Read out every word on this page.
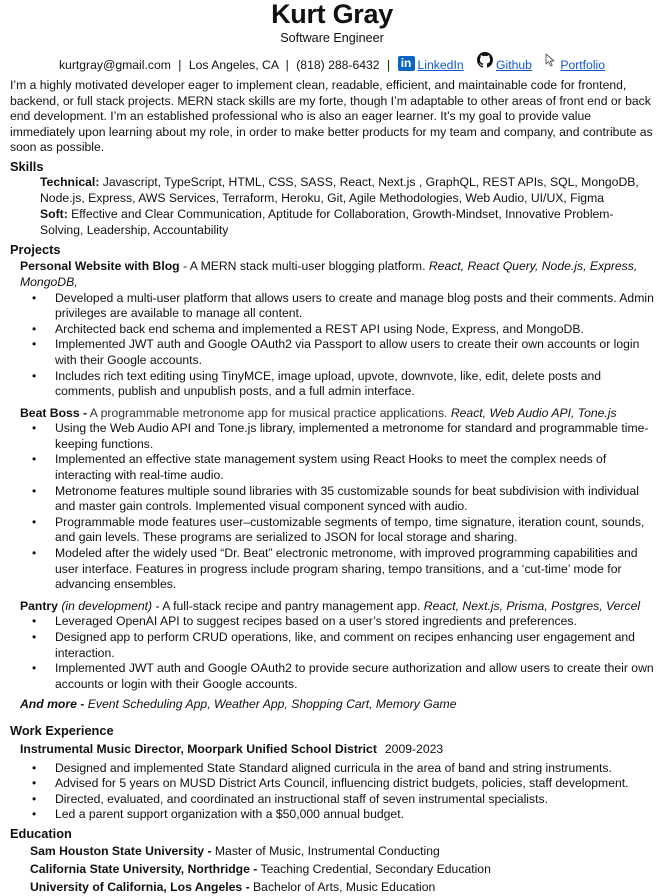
Kurt Gray
Software Engineer
kurtgray@gmail.com | Los Angeles, CA | (818) 288-6432 | in LinkedIn	Github Portfolio
I’m a highly motivated developer eager to implement clean, readable, efficient, and maintainable code for frontend, backend, or full stack projects. MERN stack skills are my forte, though I’m adaptable to other areas of front end or back end development. I’m an established professional who is also an eager learner. It’s my goal to provide value immediately upon learning about my role, in order to make better products for my team and company, and contribute as soon as possible.
Skills

Technical: Javascript, TypeScript, HTML, CSS, SASS, React, Next.js , GraphQL, REST APIs, SQL, MongoDB, Node.js, Express, AWS Services, Terraform, Heroku, Git, Agile Methodologies, Web Audio, UI/UX, Figma

Soft: Effective and Clear Communication, Aptitude for Collaboration, Growth-Mindset, Innovative Problem-Solving, Leadership, Accountability

Projects
Personal Website with Blog - A MERN stack multi-user blogging platform. React, React Query, Node.js, Express, MongoDB,
• Developed a multi-user platform that allows users to create and manage blog posts and their comments. Admin privileges are available to manage all content.
• Architected back end schema and implemented a REST API using Node, Express, and MongoDB.
• Implemented JWT auth and Google OAuth2 via Passport to allow users to create their own accounts or login with their Google accounts.
• Includes rich text editing using TinyMCE, image upload, upvote, downvote, like, edit, delete posts and comments, publish and unpublish posts, and a full admin interface.
Beat Boss - A programmable metronome app for musical practice applications. React, Web Audio API, Tone.js
• Using the Web Audio API and Tone.js library, implemented a metronome for standard and programmable time-keeping functions.
• Implemented an effective state management system using React Hooks to meet the complex needs of interacting with real-time audio.
• Metronome features multiple sound libraries with 35 customizable sounds for beat subdivision with individual and master gain controls. Implemented visual component synced with audio.
• Programmable mode features user–customizable segments of tempo, time signature, iteration count, sounds, and gain levels. These programs are serialized to JSON for local storage and sharing.
• Modeled after the widely used “Dr. Beat” electronic metronome, with improved programming capabilities and user interface. Features in progress include program sharing, tempo transitions, and a ‘cut-time’ mode for advancing ensembles.
Pantry (in development) - A full-stack recipe and pantry management app. React, Next.js, Prisma, Postgres, Vercel
• Leveraged OpenAI API to suggest recipes based on a user’s stored ingredients and preferences.
• Designed app to perform CRUD operations, like, and comment on recipes enhancing user engagement and interaction.
• Implemented JWT auth and Google OAuth2 to provide secure authorization and allow users to create their own accounts or login with their Google accounts.
And more - Event Scheduling App, Weather App, Shopping Cart, Memory Game
Work Experience
Instrumental Music Director, Moorpark Unified School District 2009-2023
• Designed and implemented State Standard aligned curricula in the area of band and string instruments.
• Advised for 5 years on MUSD District Arts Council, influencing district budgets, policies, staff development.
• Directed, evaluated, and coordinated an instructional staff of seven instrumental specialists.
• Led a parent support organization with a $50,000 annual budget.
Education

Sam Houston State University - Master of Music, Instrumental Conducting

California State University, Northridge - Teaching Credential, Secondary Education

University of California, Los Angeles - Bachelor of Arts, Music Education
